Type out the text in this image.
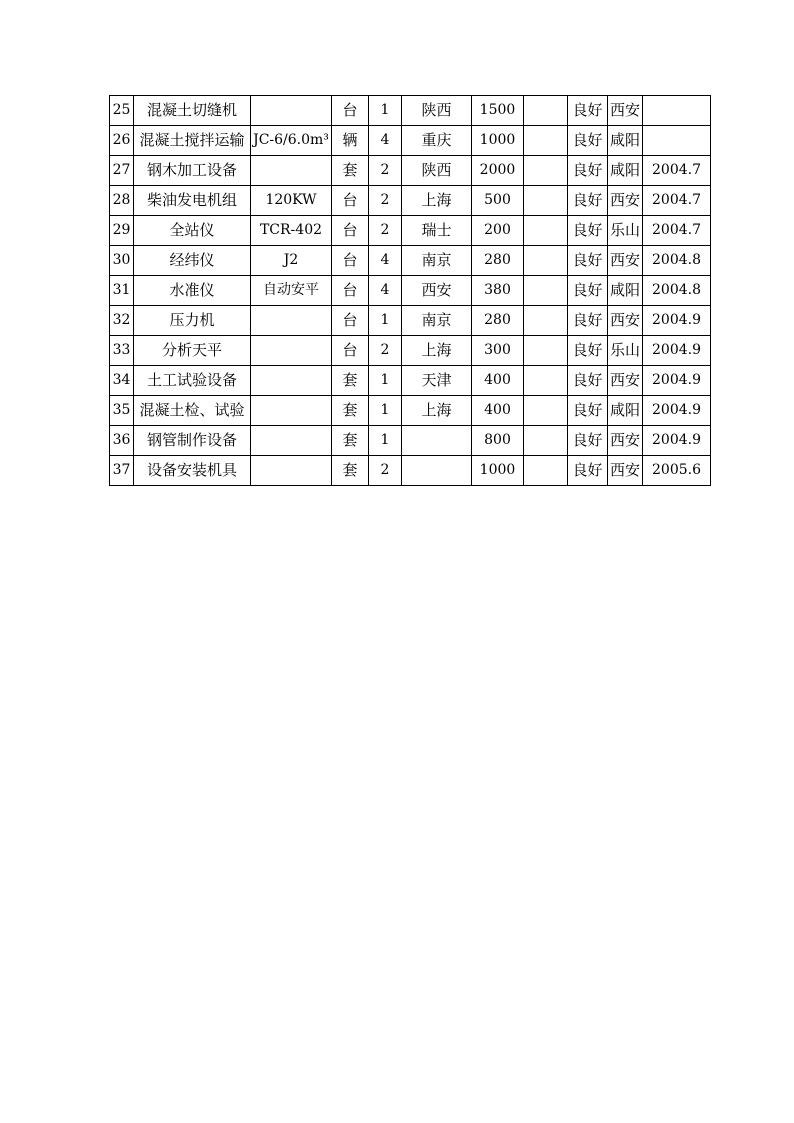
25	混凝土切缝机		台	1	陕西	1500		良好	西安	
26	混凝土搅拌运输	JC-6/6.0m³	辆	4	重庆	1000		良好	咸阳	
27	钢木加工设备		套	2	陕西	2000		良好	咸阳	2004.7
28	柴油发电机组	120KW	台	2	上海	500		良好	西安	2004.7
29	全站仪	TCR-402	台	2	瑞士	200		良好	乐山	2004.7
30	经纬仪	J2	台	4	南京	280		良好	西安	2004.8
31	水准仪	自动安平	台	4	西安	380		良好	咸阳	2004.8
32	压力机		台	1	南京	280		良好	西安	2004.9
33	分析天平		台	2	上海	300		良好	乐山	2004.9
34	土工试验设备		套	1	天津	400		良好	西安	2004.9
35	混凝土检、试验		套	1	上海	400		良好	咸阳	2004.9
36	钢管制作设备		套	1		800		良好	西安	2004.9
37	设备安装机具		套	2		1000		良好	西安	2005.6
